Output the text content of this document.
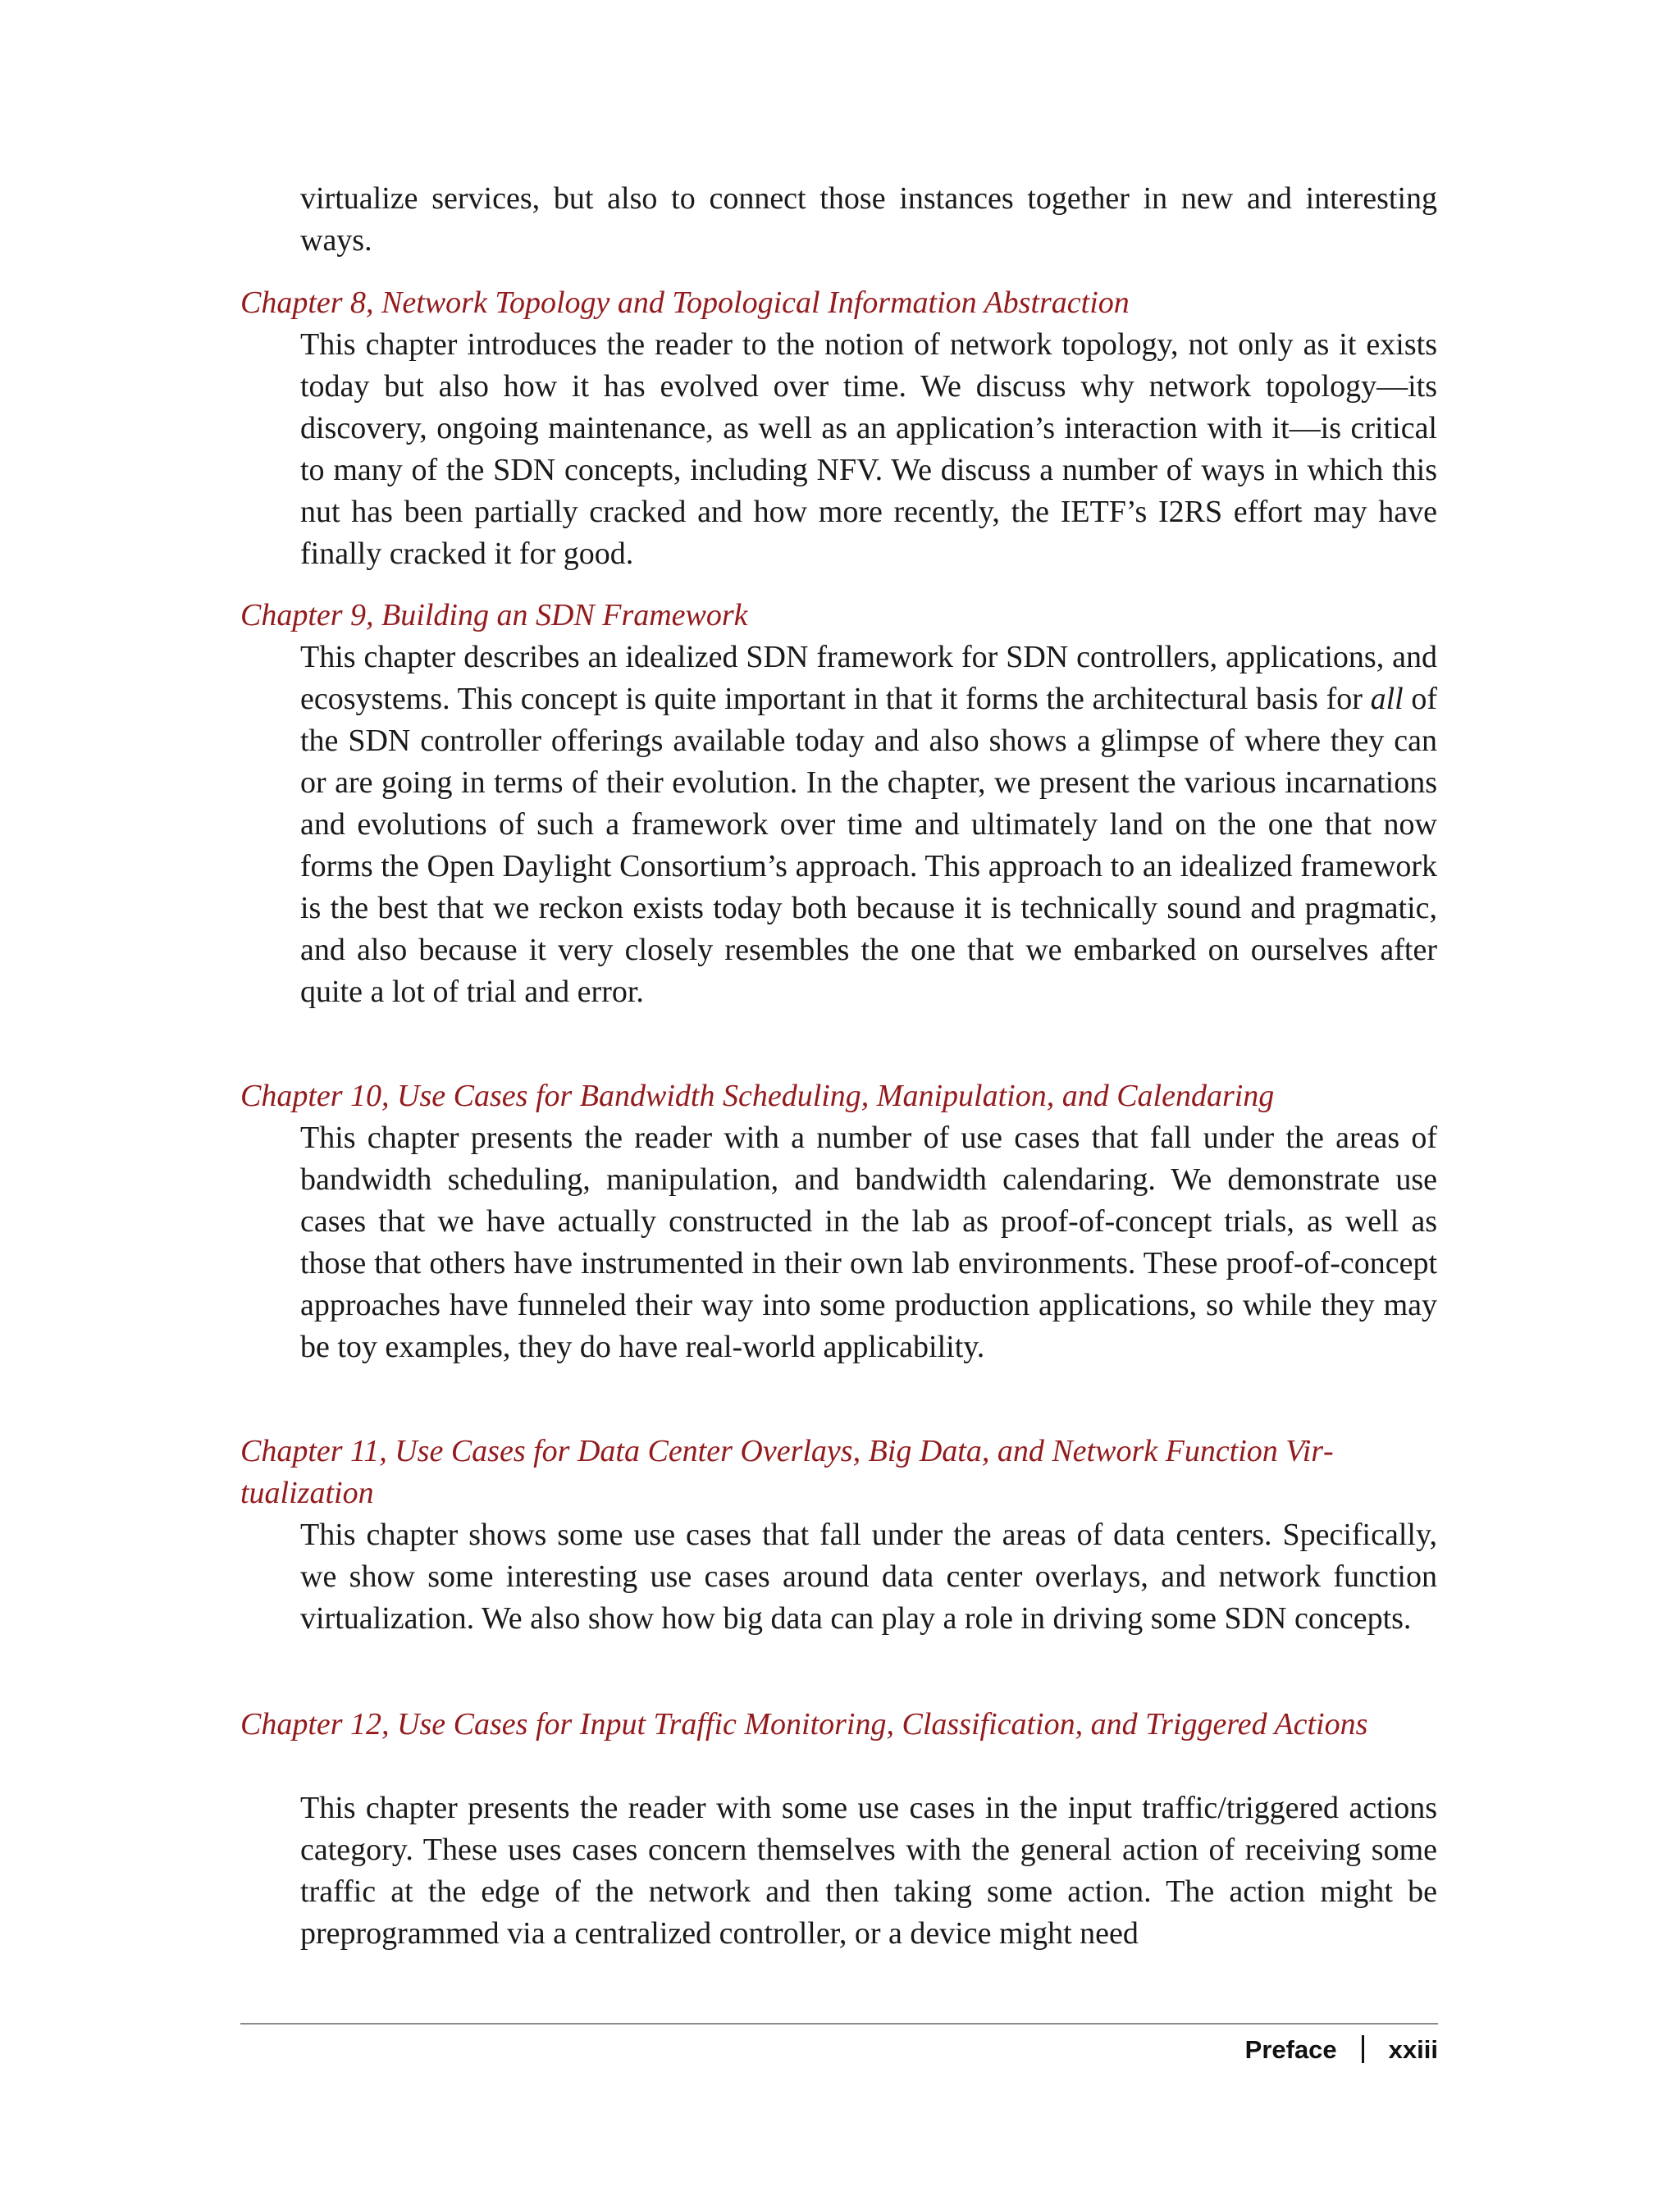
virtualize services, but also to connect those instances together in new and interesting ways.
Chapter 8, Network Topology and Topological Information Abstraction
This chapter introduces the reader to the notion of network topology, not only as it exists today but also how it has evolved over time. We discuss why network topology—its discovery, ongoing maintenance, as well as an application’s interaction with it—is critical to many of the SDN concepts, including NFV. We discuss a number of ways in which this nut has been partially cracked and how more recently, the IETF’s I2RS effort may have finally cracked it for good.
Chapter 9, Building an SDN Framework
This chapter describes an idealized SDN framework for SDN controllers, applications, and ecosystems. This concept is quite important in that it forms the architectural basis for all of the SDN controller offerings available today and also shows a glimpse of where they can or are going in terms of their evolution. In the chapter, we present the various incarnations and evolutions of such a framework over time and ultimately land on the one that now forms the Open Daylight Consortium’s approach. This approach to an idealized framework is the best that we reckon exists today both because it is technically sound and pragmatic, and also because it very closely resembles the one that we embarked on ourselves after quite a lot of trial and error.
Chapter 10, Use Cases for Bandwidth Scheduling, Manipulation, and Calendaring
This chapter presents the reader with a number of use cases that fall under the areas of bandwidth scheduling, manipulation, and bandwidth calendaring. We demonstrate use cases that we have actually constructed in the lab as proof-of-concept trials, as well as those that others have instrumented in their own lab environments. These proof-of-concept approaches have funneled their way into some production applications, so while they may be toy examples, they do have real-world applicability.
Chapter 11, Use Cases for Data Center Overlays, Big Data, and Network Function Virtualization
This chapter shows some use cases that fall under the areas of data centers. Specifically, we show some interesting use cases around data center overlays, and network function virtualization. We also show how big data can play a role in driving some SDN concepts.
Chapter 12, Use Cases for Input Traffic Monitoring, Classification, and Triggered Actions
This chapter presents the reader with some use cases in the input traffic/triggered actions category. These uses cases concern themselves with the general action of receiving some traffic at the edge of the network and then taking some action. The action might be preprogrammed via a centralized controller, or a device might need
Preface xxiii
